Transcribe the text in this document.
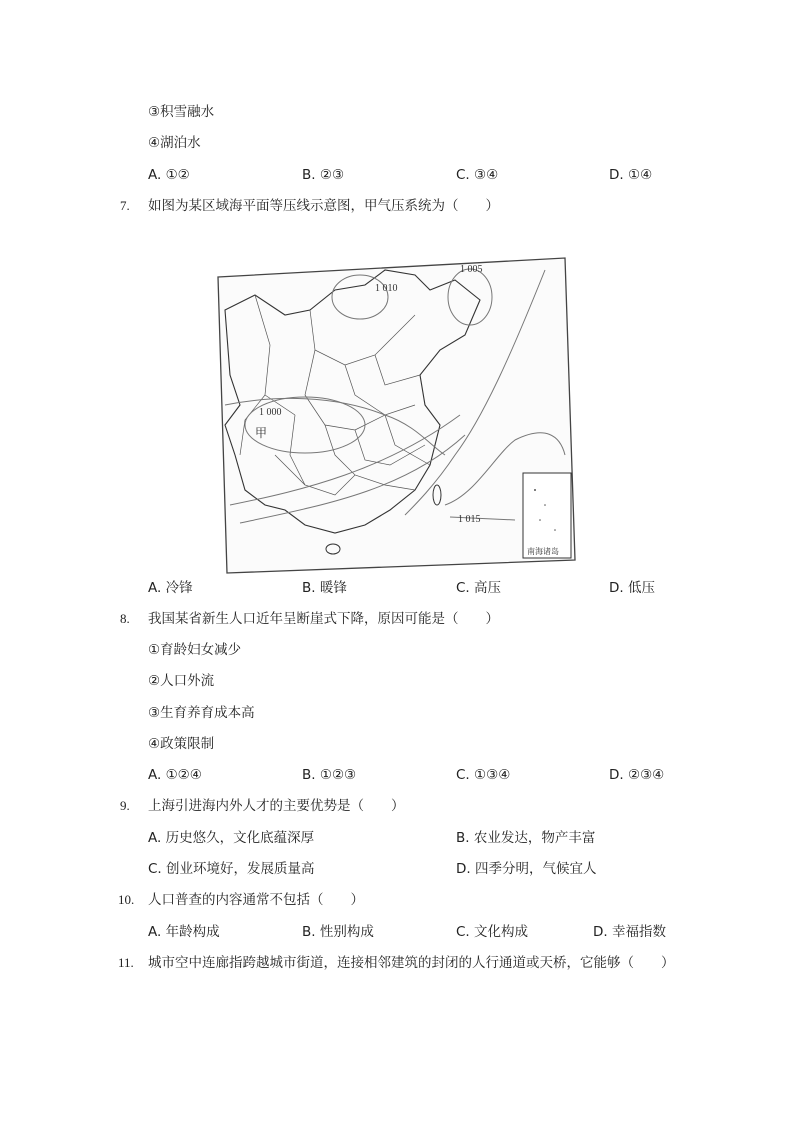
③积雪融水
④湖泊水
A. ①②	B. ②③	C. ③④	D. ①④
7. 如图为某区域海平面等压线示意图，甲气压系统为（　　）
1 005
1 010
1 000
1 015
甲
南海诸岛
A. 冷锋	B. 暖锋	C. 高压	D. 低压
8. 我国某省新生人口近年呈断崖式下降，原因可能是（　　）
①育龄妇女减少
②人口外流
③生育养育成本高
④政策限制
A. ①②④	B. ①②③	C. ①③④	D. ②③④
9. 上海引进海内外人才的主要优势是（　　）
A. 历史悠久，文化底蕴深厚	B. 农业发达，物产丰富
C. 创业环境好，发展质量高	D. 四季分明，气候宜人
10. 人口普查的内容通常不包括（　　）
A. 年龄构成	B. 性别构成	C. 文化构成	D. 幸福指数
11. 城市空中连廊指跨越城市街道，连接相邻建筑的封闭的人行通道或天桥，它能够（　　）
